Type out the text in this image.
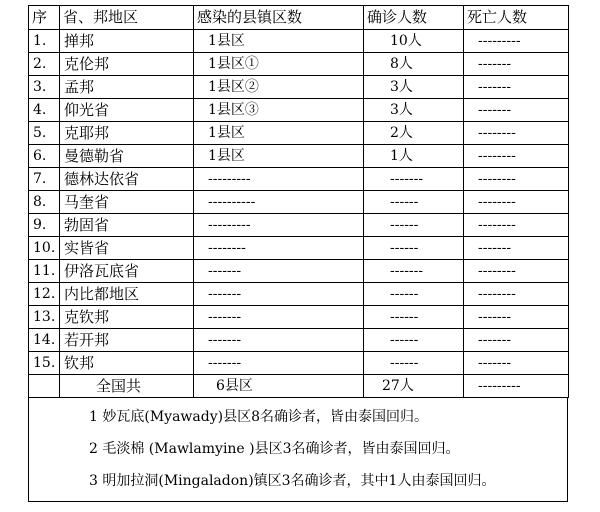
序	省、邦地区	感染的县镇区数	确诊人数	死亡人数
1.	掸邦	1县区	10人	---------
2.	克伦邦	1县区①	8人	-------
3.	孟邦	1县区②	3人	-------
4.	仰光省	1县区③	3人	-------
5.	克耶邦	1县区	2人	--------
6.	曼德勒省	1县区	1人	--------
7.	德林达依省	---------	-------	--------
8.	马奎省	----------	------	--------
9.	勃固省	---------	------	--------
10.	实皆省	--------	------	-------
11.	伊洛瓦底省	-------	-------	--------
12.	内比都地区	-------	------	--------
13.	克钦邦	-------	------	-------
14.	若开邦	-------	------	-------
15.	钦邦	-------	------	-------
	全国共	6县区	27人	---------
1 妙瓦底(Myawady)县区8名确诊者，皆由泰国回归。
2 毛淡棉 (Mawlamyine )县区3名确诊者，皆由泰国回归。
3 明加拉洞(Mingaladon)镇区3名确诊者，其中1人由泰国回归。
